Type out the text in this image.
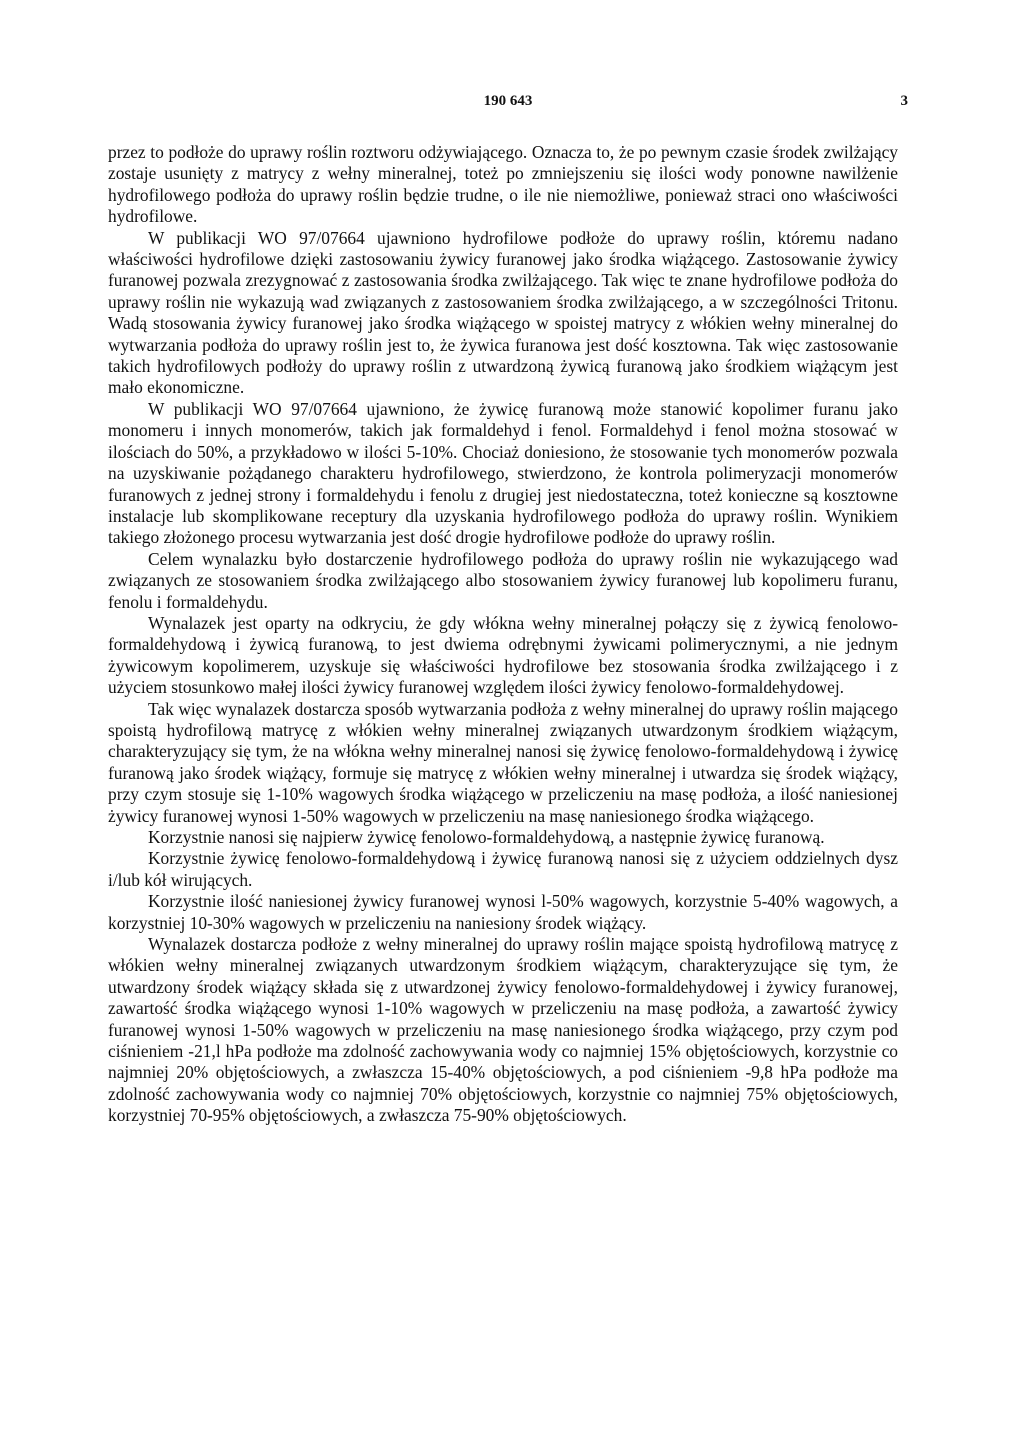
190 643	3

przez to podłoże do uprawy roślin roztworu odżywiającego. Oznacza to, że po pewnym czasie środek zwilżający zostaje usunięty z matrycy z wełny mineralnej, toteż po zmniejszeniu się ilości wody ponowne nawilżenie hydrofilowego podłoża do uprawy roślin będzie trudne, o ile nie niemożliwe, ponieważ straci ono właściwości hydrofilowe.

W publikacji WO 97/07664 ujawniono hydrofilowe podłoże do uprawy roślin, któremu nadano właściwości hydrofilowe dzięki zastosowaniu żywicy furanowej jako środka wiążącego. Zastosowanie żywicy furanowej pozwala zrezygnować z zastosowania środka zwilżającego. Tak więc te znane hydrofilowe podłoża do uprawy roślin nie wykazują wad związanych z zastosowaniem środka zwilżającego, a w szczególności Tritonu. Wadą stosowania żywicy furanowej jako środka wiążącego w spoistej matrycy z włókien wełny mineralnej do wytwarzania podłoża do uprawy roślin jest to, że żywica furanowa jest dość kosztowna. Tak więc zastosowanie takich hydrofilowych podłoży do uprawy roślin z utwardzoną żywicą furanową jako środkiem wiążącym jest mało ekonomiczne.

W publikacji WO 97/07664 ujawniono, że żywicę furanową może stanowić kopolimer furanu jako monomeru i innych monomerów, takich jak formaldehyd i fenol. Formaldehyd i fenol można stosować w ilościach do 50%, a przykładowo w ilości 5-10%. Chociaż doniesiono, że stosowanie tych monomerów pozwala na uzyskiwanie pożądanego charakteru hydrofilowego, stwierdzono, że kontrola polimeryzacji monomerów furanowych z jednej strony i formaldehydu i fenolu z drugiej jest niedostateczna, toteż konieczne są kosztowne instalacje lub skomplikowane receptury dla uzyskania hydrofilowego podłoża do uprawy roślin. Wynikiem takiego złożonego procesu wytwarzania jest dość drogie hydrofilowe podłoże do uprawy roślin.

Celem wynalazku było dostarczenie hydrofilowego podłoża do uprawy roślin nie wykazującego wad związanych ze stosowaniem środka zwilżającego albo stosowaniem żywicy furanowej lub kopolimeru furanu, fenolu i formaldehydu.

Wynalazek jest oparty na odkryciu, że gdy włókna wełny mineralnej połączy się z żywicą fenolowo-formaldehydową i żywicą furanową, to jest dwiema odrębnymi żywicami polimerycznymi, a nie jednym żywicowym kopolimerem, uzyskuje się właściwości hydrofilowe bez stosowania środka zwilżającego i z użyciem stosunkowo małej ilości żywicy furanowej względem ilości żywicy fenolowo-formaldehydowej.

Tak więc wynalazek dostarcza sposób wytwarzania podłoża z wełny mineralnej do uprawy roślin mającego spoistą hydrofilową matrycę z włókien wełny mineralnej związanych utwardzonym środkiem wiążącym, charakteryzujący się tym, że na włókna wełny mineralnej nanosi się żywicę fenolowo-formaldehydową i żywicę furanową jako środek wiążący, formuje się matrycę z włókien wełny mineralnej i utwardza się środek wiążący, przy czym stosuje się 1-10% wagowych środka wiążącego w przeliczeniu na masę podłoża, a ilość naniesionej żywicy furanowej wynosi 1-50% wagowych w przeliczeniu na masę naniesionego środka wiążącego.

Korzystnie nanosi się najpierw żywicę fenolowo-formaldehydową, a następnie żywicę furanową.

Korzystnie żywicę fenolowo-formaldehydową i żywicę furanową nanosi się z użyciem oddzielnych dysz i/lub kół wirujących.

Korzystnie ilość naniesionej żywicy furanowej wynosi l-50% wagowych, korzystnie 5-40% wagowych, a korzystniej 10-30% wagowych w przeliczeniu na naniesiony środek wiążący.

Wynalazek dostarcza podłoże z wełny mineralnej do uprawy roślin mające spoistą hydrofilową matrycę z włókien wełny mineralnej związanych utwardzonym środkiem wiążącym, charakteryzujące się tym, że utwardzony środek wiążący składa się z utwardzonej żywicy fenolowo-formaldehydowej i żywicy furanowej, zawartość środka wiążącego wynosi 1-10% wagowych w przeliczeniu na masę podłoża, a zawartość żywicy furanowej wynosi 1-50% wagowych w przeliczeniu na masę naniesionego środka wiążącego, przy czym pod ciśnieniem -21,l hPa podłoże ma zdolność zachowywania wody co najmniej 15% objętościowych, korzystnie co najmniej 20% objętościowych, a zwłaszcza 15-40% objętościowych, a pod ciśnieniem -9,8 hPa podłoże ma zdolność zachowywania wody co najmniej 70% objętościowych, korzystnie co najmniej 75% objętościowych, korzystniej 70-95% objętościowych, a zwłaszcza 75-90% objętościowych.
